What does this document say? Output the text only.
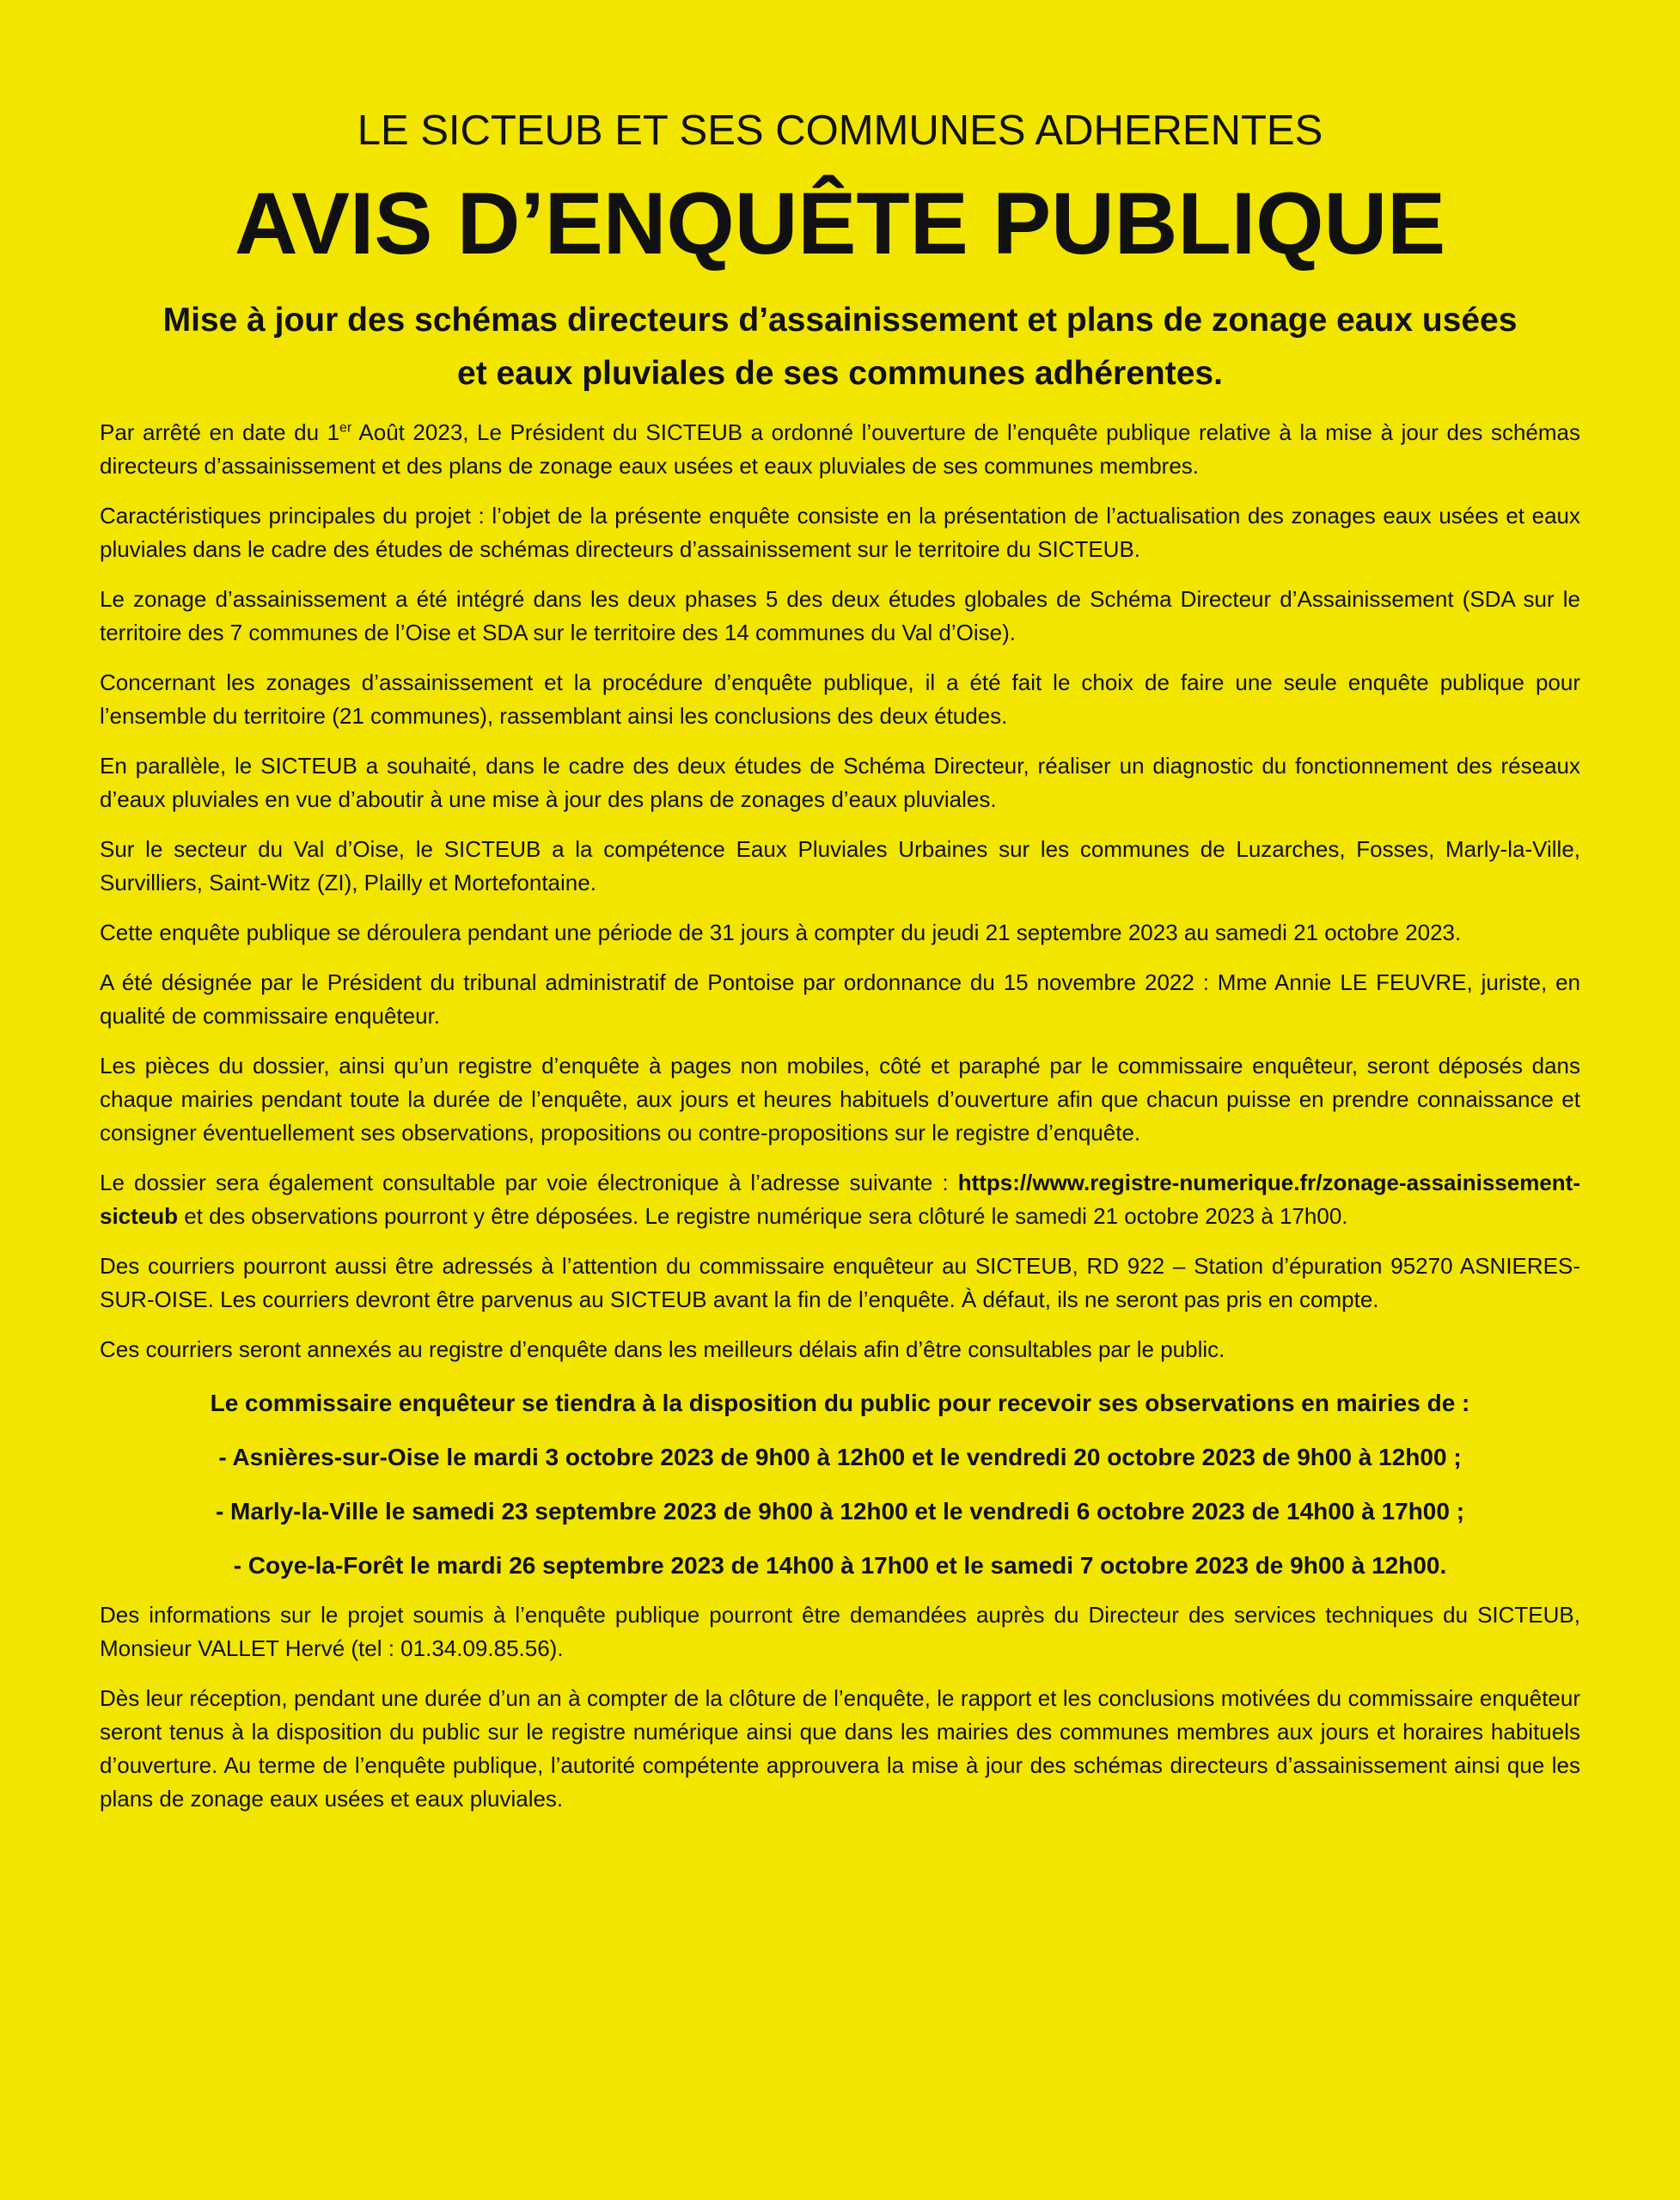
LE SICTEUB ET SES COMMUNES ADHERENTES
AVIS D’ENQUÊTE PUBLIQUE
Mise à jour des schémas directeurs d’assainissement et plans de zonage eaux usées et eaux pluviales de ses communes adhérentes.

Par arrêté en date du 1er Août 2023, Le Président du SICTEUB a ordonné l’ouverture de l’enquête publique relative à la mise à jour des schémas directeurs d’assainissement et des plans de zonage eaux usées et eaux pluviales de ses communes membres.

Caractéristiques principales du projet : l’objet de la présente enquête consiste en la présentation de l’actualisation des zonages eaux usées et eaux pluviales dans le cadre des études de schémas directeurs d’assainissement sur le territoire du SICTEUB.

Le zonage d’assainissement a été intégré dans les deux phases 5 des deux études globales de Schéma Directeur d’Assainissement (SDA sur le territoire des 7 communes de l’Oise et SDA sur le territoire des 14 communes du Val d’Oise).

Concernant les zonages d’assainissement et la procédure d’enquête publique, il a été fait le choix de faire une seule enquête publique pour l’ensemble du territoire (21 communes), rassemblant ainsi les conclusions des deux études.

En parallèle, le SICTEUB a souhaité, dans le cadre des deux études de Schéma Directeur, réaliser un diagnostic du fonctionnement des réseaux d’eaux pluviales en vue d’aboutir à une mise à jour des plans de zonages d’eaux pluviales.

Sur le secteur du Val d’Oise, le SICTEUB a la compétence Eaux Pluviales Urbaines sur les communes de Luzarches, Fosses, Marly-la-Ville, Survilliers, Saint-Witz (ZI), Plailly et Mortefontaine.

Cette enquête publique se déroulera pendant une période de 31 jours à compter du jeudi 21 septembre 2023 au samedi 21 octobre 2023.

A été désignée par le Président du tribunal administratif de Pontoise par ordonnance du 15 novembre 2022 : Mme Annie LE FEUVRE, juriste, en qualité de commissaire enquêteur.

Les pièces du dossier, ainsi qu’un registre d’enquête à pages non mobiles, côté et paraphé par le commissaire enquêteur, seront déposés dans chaque mairies pendant toute la durée de l’enquête, aux jours et heures habituels d’ouverture afin que chacun puisse en prendre connaissance et consigner éventuellement ses observations, propositions ou contre-propositions sur le registre d’enquête.

Le dossier sera également consultable par voie électronique à l’adresse suivante : https://www.registre-numerique.fr/zonage-assainissement-sicteub et des observations pourront y être déposées. Le registre numérique sera clôturé le samedi 21 octobre 2023 à 17h00.

Des courriers pourront aussi être adressés à l’attention du commissaire enquêteur au SICTEUB, RD 922 – Station d’épuration 95270 ASNIERES-SUR-OISE. Les courriers devront être parvenus au SICTEUB avant la fin de l’enquête. À défaut, ils ne seront pas pris en compte.

Ces courriers seront annexés au registre d’enquête dans les meilleurs délais afin d’être consultables par le public.

Le commissaire enquêteur se tiendra à la disposition du public pour recevoir ses observations en mairies de :
- Asnières-sur-Oise le mardi 3 octobre 2023 de 9h00 à 12h00 et le vendredi 20 octobre 2023 de 9h00 à 12h00 ;
- Marly-la-Ville le samedi 23 septembre 2023 de 9h00 à 12h00 et le vendredi 6 octobre 2023 de 14h00 à 17h00 ;
- Coye-la-Forêt le mardi 26 septembre 2023 de 14h00 à 17h00 et le samedi 7 octobre 2023 de 9h00 à 12h00.

Des informations sur le projet soumis à l’enquête publique pourront être demandées auprès du Directeur des services techniques du SICTEUB, Monsieur VALLET Hervé (tel : 01.34.09.85.56).

Dès leur réception, pendant une durée d’un an à compter de la clôture de l’enquête, le rapport et les conclusions motivées du commissaire enquêteur seront tenus à la disposition du public sur le registre numérique ainsi que dans les mairies des communes membres aux jours et horaires habituels d’ouverture. Au terme de l’enquête publique, l’autorité compétente approuvera la mise à jour des schémas directeurs d’assainissement ainsi que les plans de zonage eaux usées et eaux pluviales.
